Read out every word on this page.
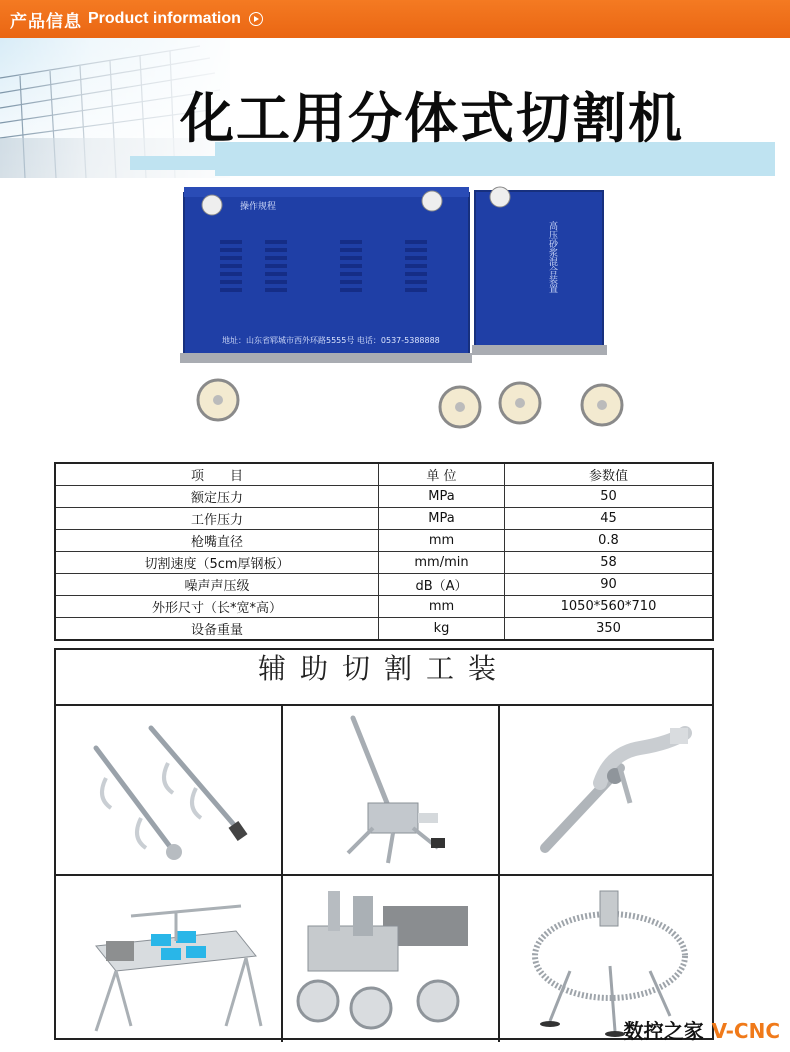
产品信息 Product information
化工用分体式切割机
操作规程
地址：山东省郓城市西外环路5555号 电话：0537-5388888
高压砂浆混合装置
项　　目	单 位	参数值
额定压力	MPa	50
工作压力	MPa	45
枪嘴直径	mm	0.8
切割速度（5cm厚钢板）	mm/min	58
噪声声压级	dB（A）	90
外形尺寸（长*宽*高）	mm	1050*560*710
设备重量	kg	350
辅助切割工装
数控之家 V-CNC
